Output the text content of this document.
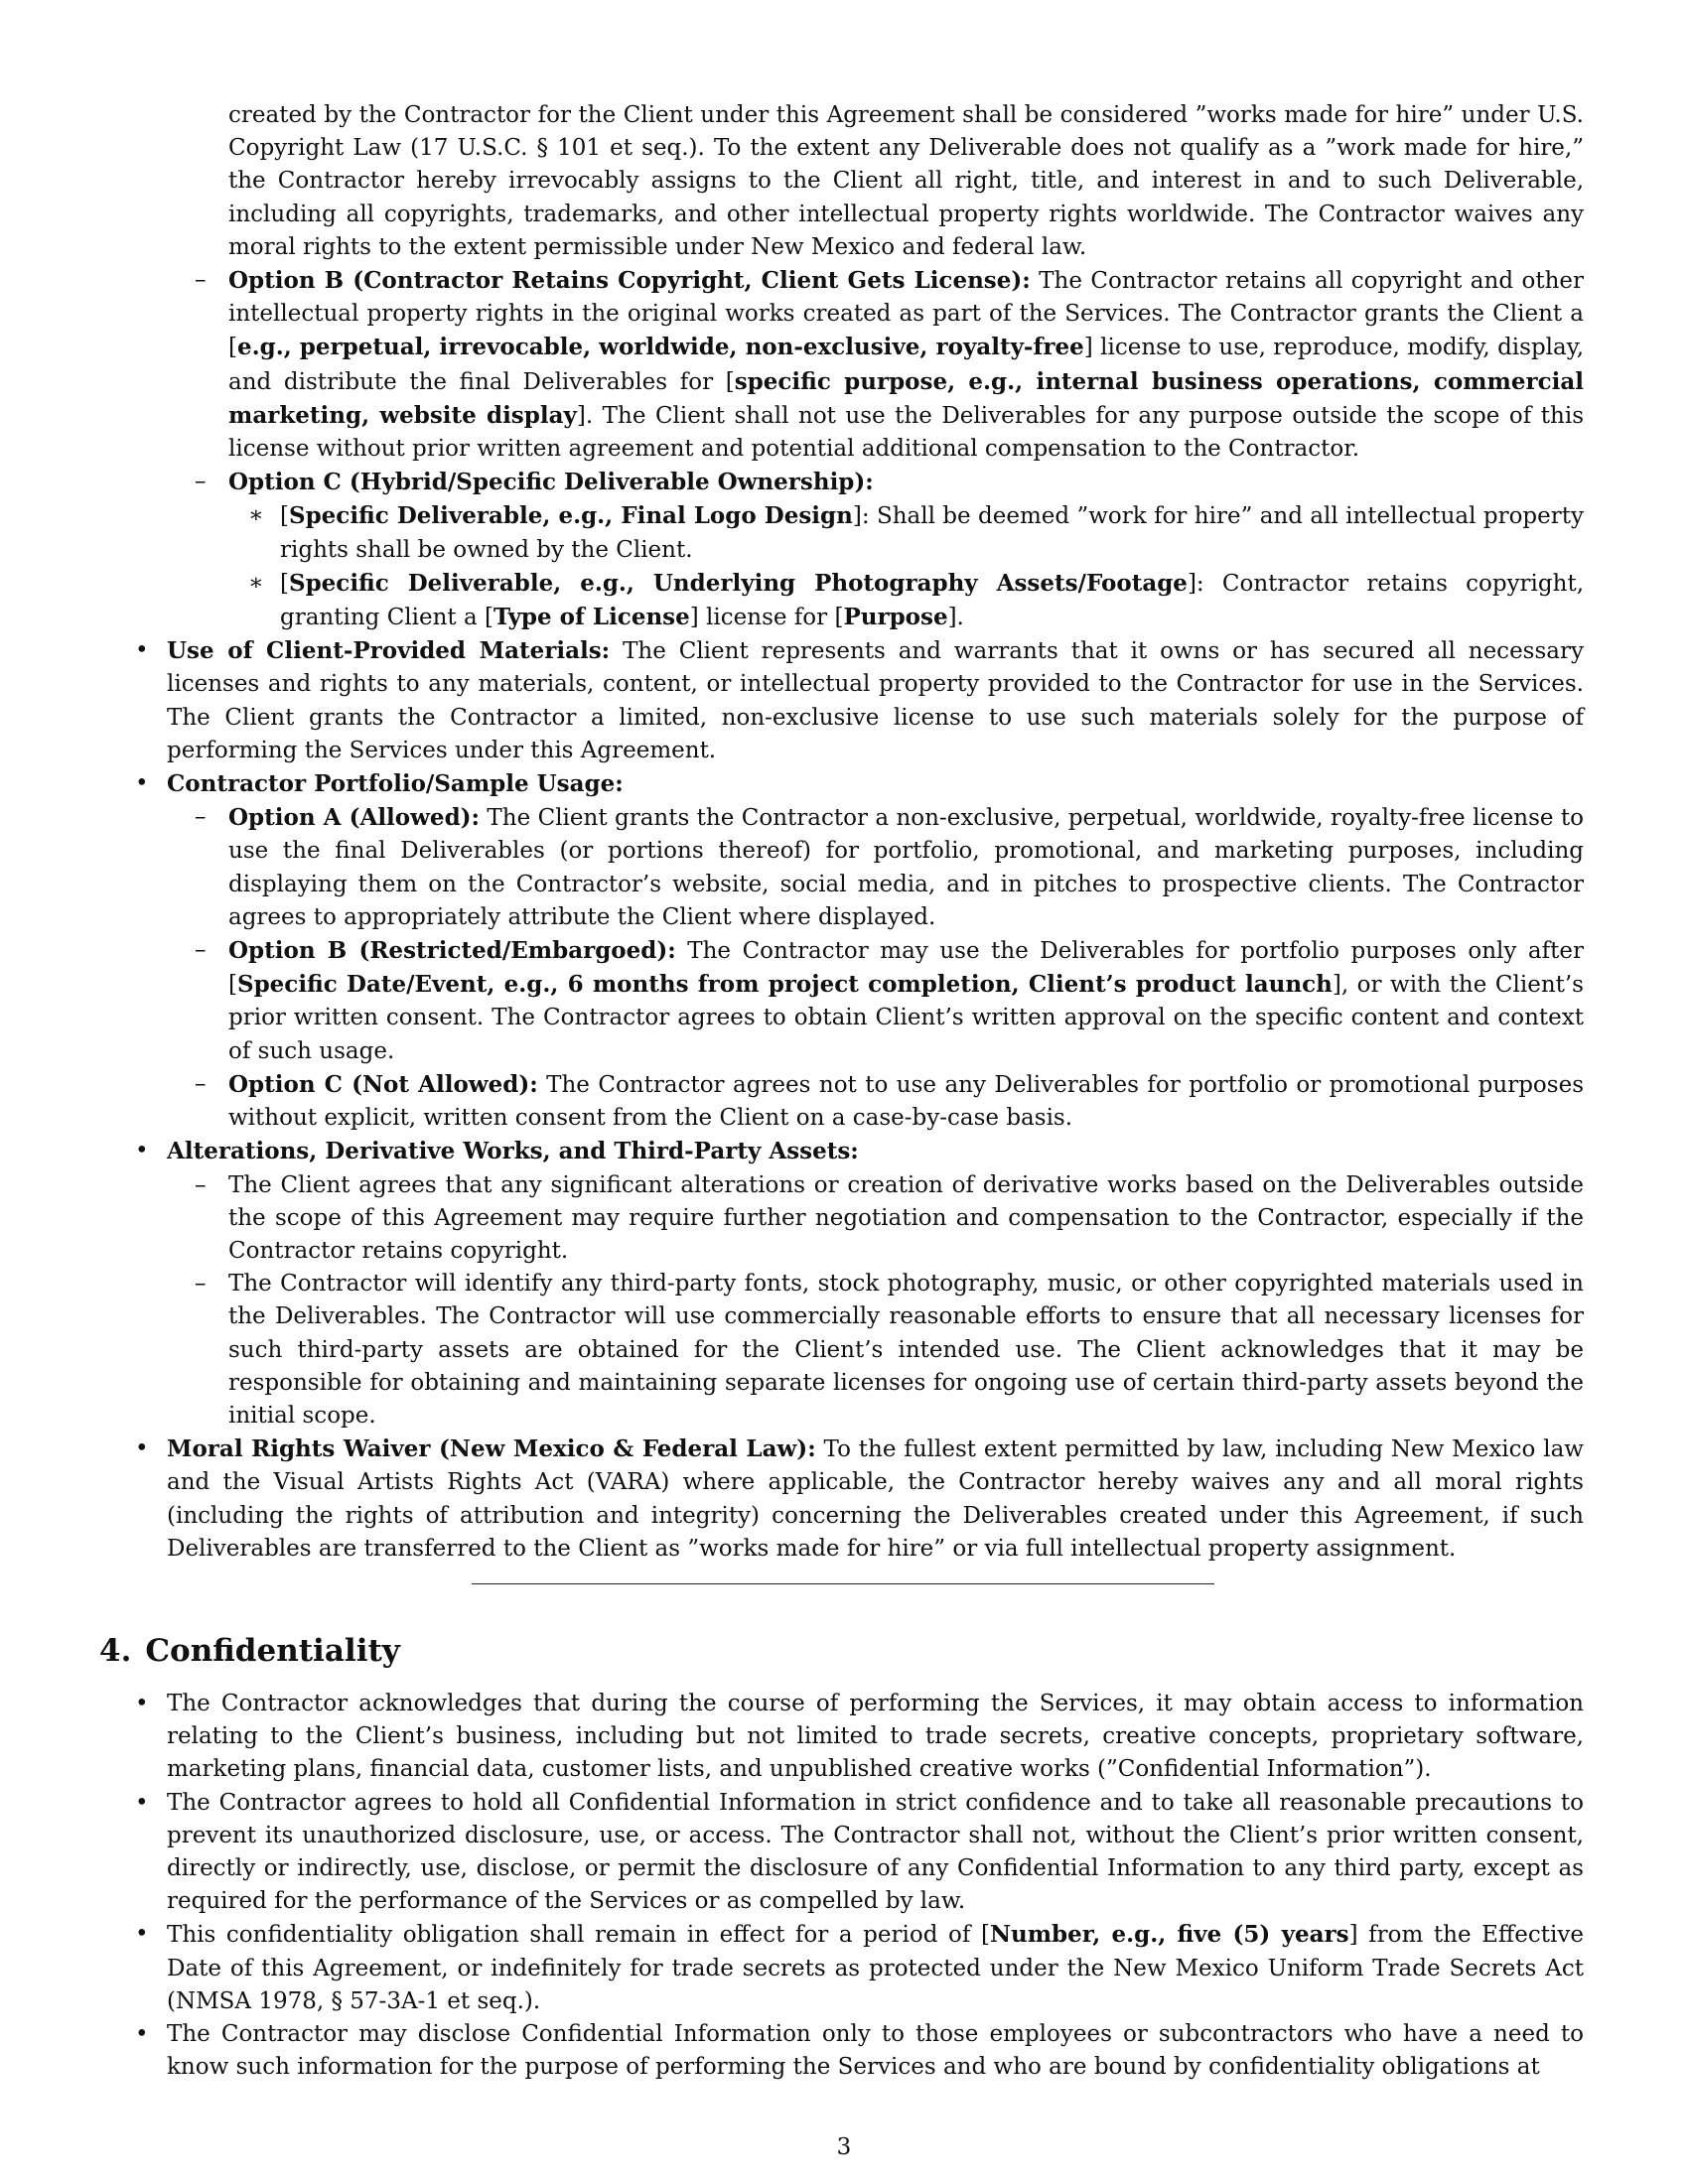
created by the Contractor for the Client under this Agreement shall be considered ”works made for hire” under U.S. Copyright Law (17 U.S.C. § 101 et seq.). To the extent any Deliverable does not qualify as a ”work made for hire,” the Contractor hereby irrevocably assigns to the Client all right, title, and interest in and to such Deliverable, including all copyrights, trademarks, and other intellectual property rights worldwide. The Contractor waives any moral rights to the extent permissible under New Mexico and federal law.

– Option B (Contractor Retains Copyright, Client Gets License): The Contractor retains all copyright and other intellectual property rights in the original works created as part of the Services. The Contractor grants the Client a [e.g., perpetual, irrevocable, worldwide, non-exclusive, royalty-free] license to use, reproduce, modify, display, and distribute the final Deliverables for [specific purpose, e.g., internal business operations, commercial marketing, website display]. The Client shall not use the Deliverables for any purpose outside the scope of this license without prior written agreement and potential additional compensation to the Contractor.

– Option C (Hybrid/Specific Deliverable Ownership):

∗ [Specific Deliverable, e.g., Final Logo Design]: Shall be deemed ”work for hire” and all intellectual property rights shall be owned by the Client.

∗ [Specific Deliverable, e.g., Underlying Photography Assets/Footage]: Contractor retains copyright, granting Client a [Type of License] license for [Purpose].

• Use of Client-Provided Materials: The Client represents and warrants that it owns or has secured all necessary licenses and rights to any materials, content, or intellectual property provided to the Contractor for use in the Services. The Client grants the Contractor a limited, non-exclusive license to use such materials solely for the purpose of performing the Services under this Agreement.

• Contractor Portfolio/Sample Usage:

– Option A (Allowed): The Client grants the Contractor a non-exclusive, perpetual, worldwide, royalty-free license to use the final Deliverables (or portions thereof) for portfolio, promotional, and marketing purposes, including displaying them on the Contractor’s website, social media, and in pitches to prospective clients. The Contractor agrees to appropriately attribute the Client where displayed.

– Option B (Restricted/Embargoed): The Contractor may use the Deliverables for portfolio purposes only after [Specific Date/Event, e.g., 6 months from project completion, Client’s product launch], or with the Client’s prior written consent. The Contractor agrees to obtain Client’s written approval on the specific content and context of such usage.

– Option C (Not Allowed): The Contractor agrees not to use any Deliverables for portfolio or promotional purposes without explicit, written consent from the Client on a case-by-case basis.

• Alterations, Derivative Works, and Third-Party Assets:

– The Client agrees that any significant alterations or creation of derivative works based on the Deliverables outside the scope of this Agreement may require further negotiation and compensation to the Contractor, especially if the Contractor retains copyright.

– The Contractor will identify any third-party fonts, stock photography, music, or other copyrighted materials used in the Deliverables. The Contractor will use commercially reasonable efforts to ensure that all necessary licenses for such third-party assets are obtained for the Client’s intended use. The Client acknowledges that it may be responsible for obtaining and maintaining separate licenses for ongoing use of certain third-party assets beyond the initial scope.

• Moral Rights Waiver (New Mexico & Federal Law): To the fullest extent permitted by law, including New Mexico law and the Visual Artists Rights Act (VARA) where applicable, the Contractor hereby waives any and all moral rights (including the rights of attribution and integrity) concerning the Deliverables created under this Agreement, if such Deliverables are transferred to the Client as ”works made for hire” or via full intellectual property assignment.

4. Confidentiality

• The Contractor acknowledges that during the course of performing the Services, it may obtain access to information relating to the Client’s business, including but not limited to trade secrets, creative concepts, proprietary software, marketing plans, financial data, customer lists, and unpublished creative works (”Confidential Information”).

• The Contractor agrees to hold all Confidential Information in strict confidence and to take all reasonable precautions to prevent its unauthorized disclosure, use, or access. The Contractor shall not, without the Client’s prior written consent, directly or indirectly, use, disclose, or permit the disclosure of any Confidential Information to any third party, except as required for the performance of the Services or as compelled by law.

• This confidentiality obligation shall remain in effect for a period of [Number, e.g., five (5) years] from the Effective Date of this Agreement, or indefinitely for trade secrets as protected under the New Mexico Uniform Trade Secrets Act (NMSA 1978, § 57-3A-1 et seq.).

• The Contractor may disclose Confidential Information only to those employees or subcontractors who have a need to know such information for the purpose of performing the Services and who are bound by confidentiality obligations at

3
